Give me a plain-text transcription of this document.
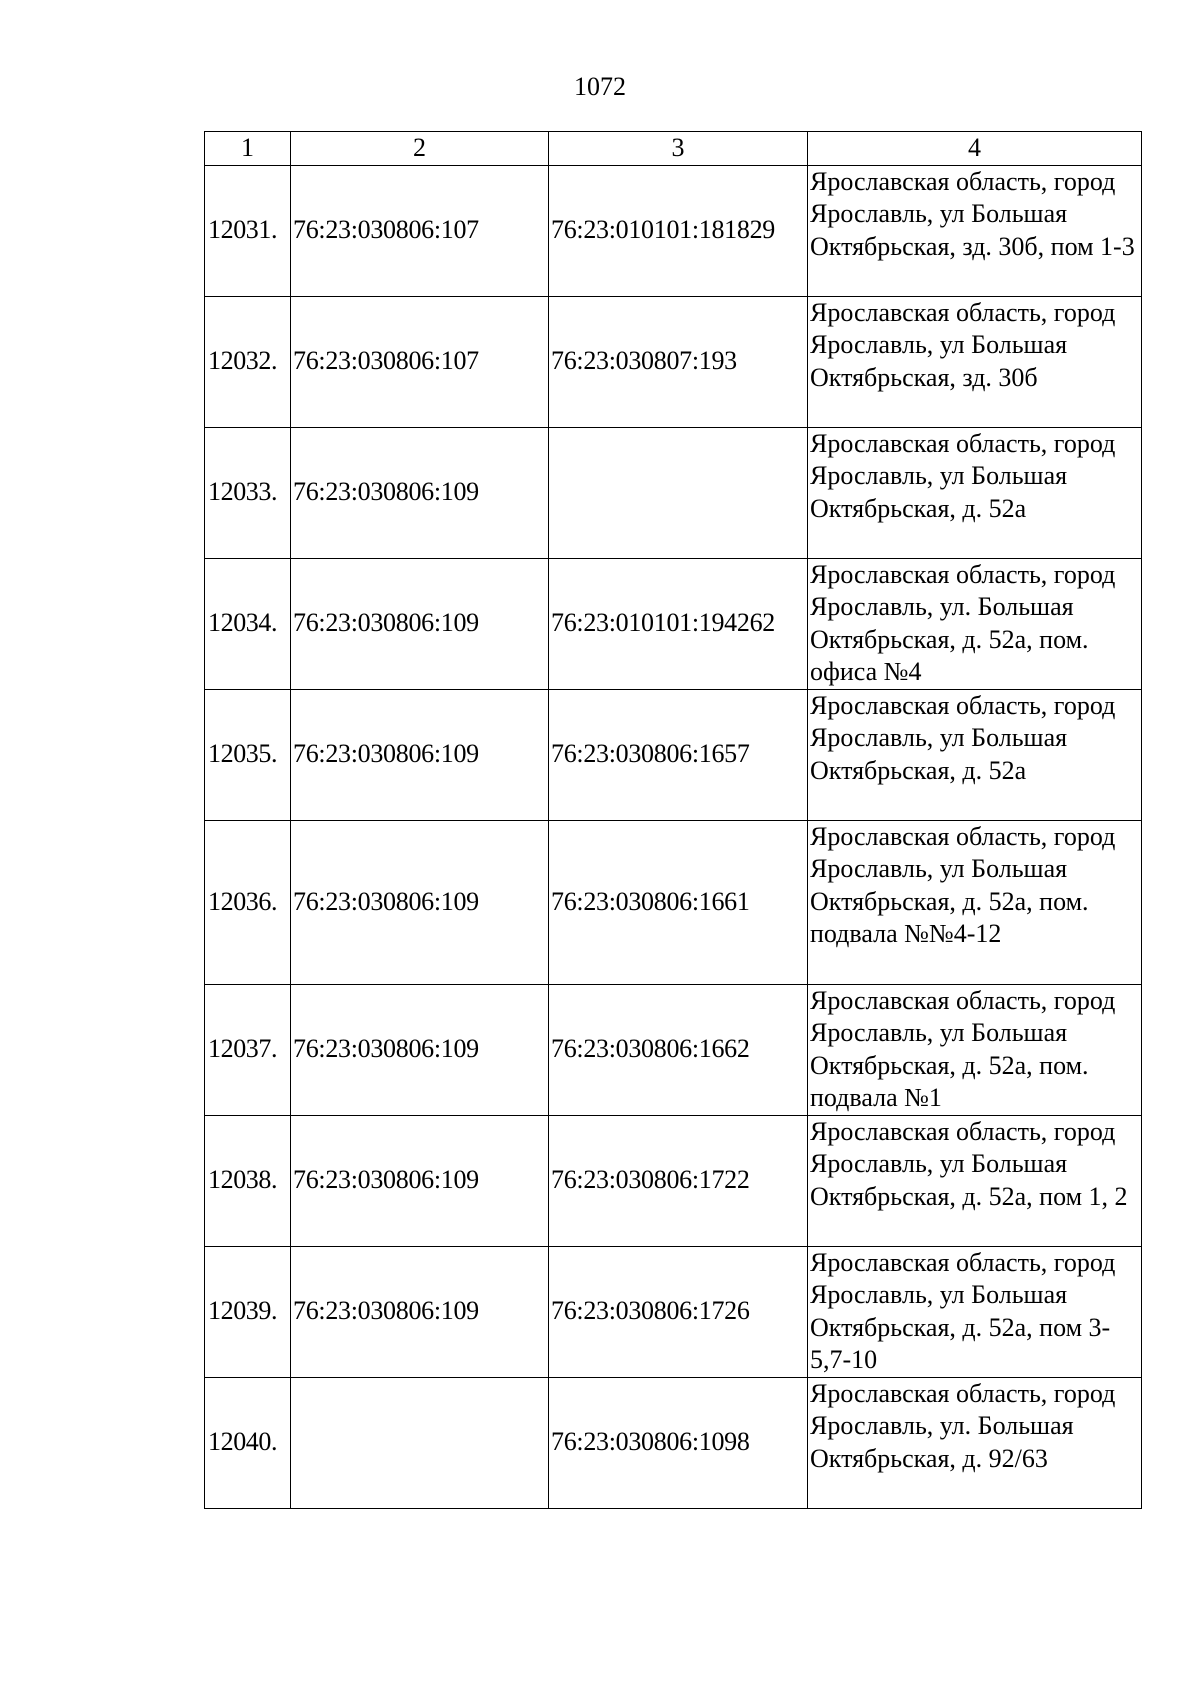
1072
1	2	3	4
12031.	76:23:030806:107	76:23:010101:181829	Ярославская область, город Ярославль, ул Большая Октябрьская, зд. 30б, пом 1-3
12032.	76:23:030806:107	76:23:030807:193	Ярославская область, город Ярославль, ул Большая Октябрьская, зд. 30б
12033.	76:23:030806:109		Ярославская область, город Ярославль, ул Большая Октябрьская, д. 52а
12034.	76:23:030806:109	76:23:010101:194262	Ярославская область, город Ярославль, ул. Большая Октябрьская, д. 52а, пом. офиса №4
12035.	76:23:030806:109	76:23:030806:1657	Ярославская область, город Ярославль, ул Большая Октябрьская, д. 52а
12036.	76:23:030806:109	76:23:030806:1661	Ярославская область, город Ярославль, ул Большая Октябрьская, д. 52а, пом. подвала №№4-12
12037.	76:23:030806:109	76:23:030806:1662	Ярославская область, город Ярославль, ул Большая Октябрьская, д. 52а, пом. подвала №1
12038.	76:23:030806:109	76:23:030806:1722	Ярославская область, город Ярославль, ул Большая Октябрьская, д. 52а, пом 1, 2
12039.	76:23:030806:109	76:23:030806:1726	Ярославская область, город Ярославль, ул Большая Октябрьская, д. 52а, пом 3-5,7-10
12040.		76:23:030806:1098	Ярославская область, город Ярославль, ул. Большая Октябрьская, д. 92/63
